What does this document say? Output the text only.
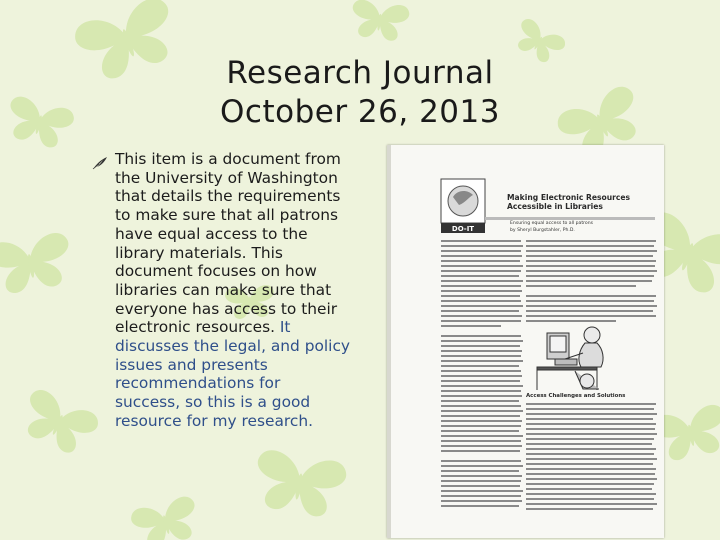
Research Journal
October 26, 2013
This item is a document from the University of Washington that details the requirements to make sure that all patrons have equal access to the library materials. This document focuses on how libraries can make sure that everyone has access to their electronic resources. It discusses the legal, and policy issues and presents recommendations for success, so this is a good resource for my research.
DO-IT
Making Electronic Resources Accessible in Libraries
Ensuring equal access to all patrons
by Sheryl Burgstahler, Ph.D.
Access Challenges and Solutions
